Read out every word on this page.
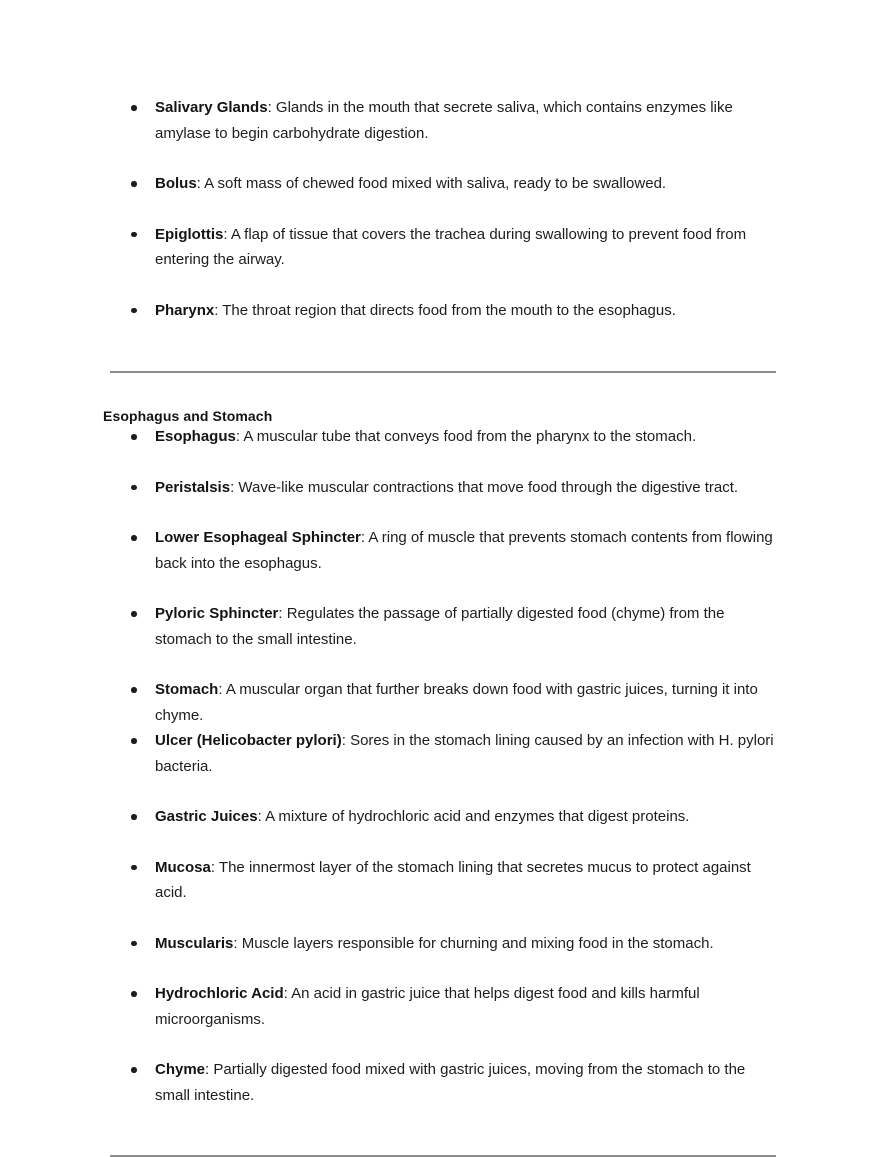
Salivary Glands: Glands in the mouth that secrete saliva, which contains enzymes like amylase to begin carbohydrate digestion.
Bolus: A soft mass of chewed food mixed with saliva, ready to be swallowed.
Epiglottis: A flap of tissue that covers the trachea during swallowing to prevent food from entering the airway.
Pharynx: The throat region that directs food from the mouth to the esophagus.
Esophagus and Stomach
Esophagus: A muscular tube that conveys food from the pharynx to the stomach.
Peristalsis: Wave-like muscular contractions that move food through the digestive tract.
Lower Esophageal Sphincter: A ring of muscle that prevents stomach contents from flowing back into the esophagus.
Pyloric Sphincter: Regulates the passage of partially digested food (chyme) from the stomach to the small intestine.
Stomach: A muscular organ that further breaks down food with gastric juices, turning it into chyme.
Ulcer (Helicobacter pylori): Sores in the stomach lining caused by an infection with H. pylori bacteria.
Gastric Juices: A mixture of hydrochloric acid and enzymes that digest proteins.
Mucosa: The innermost layer of the stomach lining that secretes mucus to protect against acid.
Muscularis: Muscle layers responsible for churning and mixing food in the stomach.
Hydrochloric Acid: An acid in gastric juice that helps digest food and kills harmful microorganisms.
Chyme: Partially digested food mixed with gastric juices, moving from the stomach to the small intestine.
